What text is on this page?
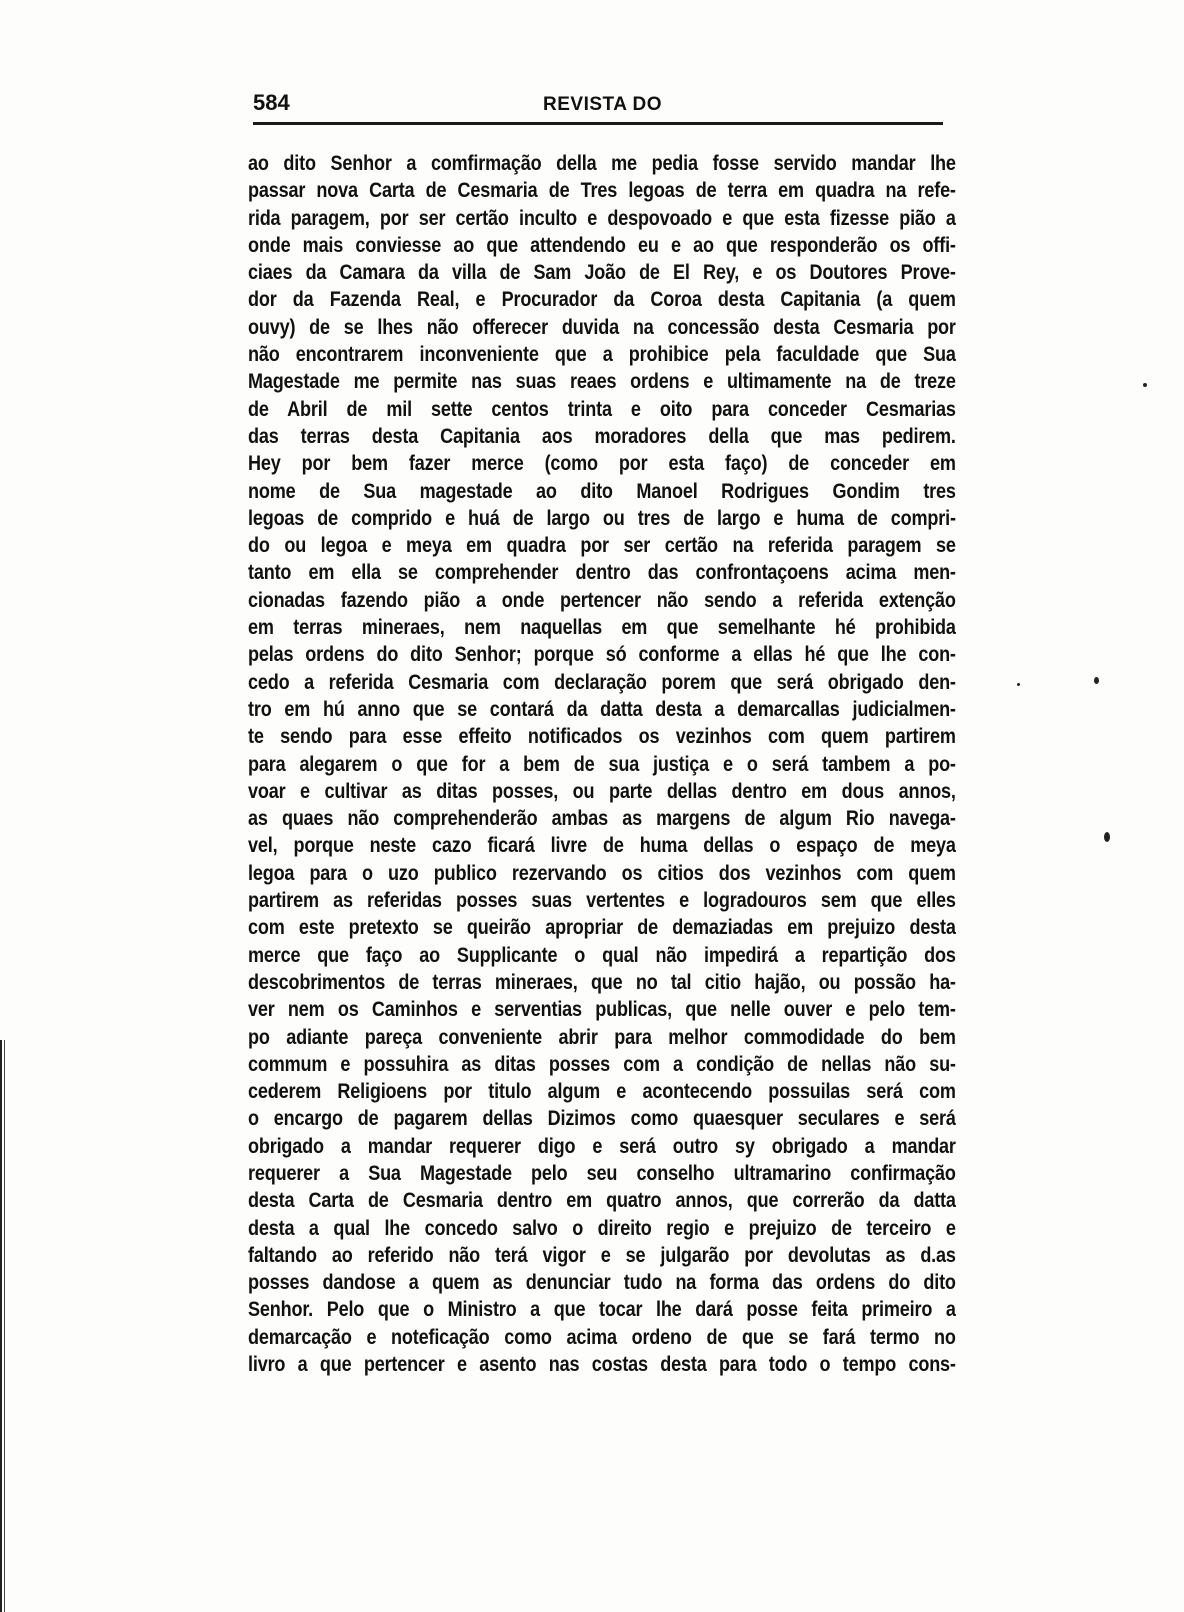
584	REVISTA DO
ao dito Senhor a comfirmação della me pedia fosse servido mandar lhe
passar nova Carta de Cesmaria de Tres legoas de terra em quadra na refe-
rida paragem, por ser certão inculto e despovoado e que esta fizesse pião a
onde mais conviesse ao que attendendo eu e ao que responderão os offi-
ciaes da Camara da villa de Sam João de El Rey, e os Doutores Prove-
dor da Fazenda Real, e Procurador da Coroa desta Capitania (a quem
ouvy) de se lhes não offerecer duvida na concessão desta Cesmaria por
não encontrarem inconveniente que a prohibice pela faculdade que Sua
Magestade me permite nas suas reaes ordens e ultimamente na de treze
de Abril de mil sette centos trinta e oito para conceder Cesmarias
das terras desta Capitania aos moradores della que mas pedirem.
Hey por bem fazer merce (como por esta faço) de conceder em
nome de Sua magestade ao dito Manoel Rodrigues Gondim tres
legoas de comprido e huá de largo ou tres de largo e huma de compri-
do ou legoa e meya em quadra por ser certão na referida paragem se
tanto em ella se comprehender dentro das confrontaçoens acima men-
cionadas fazendo pião a onde pertencer não sendo a referida extenção
em terras mineraes, nem naquellas em que semelhante hé prohibida
pelas ordens do dito Senhor; porque só conforme a ellas hé que lhe con-
cedo a referida Cesmaria com declaração porem que será obrigado den-
tro em hú anno que se contará da datta desta a demarcallas judicialmen-
te sendo para esse effeito notificados os vezinhos com quem partirem
para alegarem o que for a bem de sua justiça e o será tambem a po-
voar e cultivar as ditas posses, ou parte dellas dentro em dous annos,
as quaes não comprehenderão ambas as margens de algum Rio navega-
vel, porque neste cazo ficará livre de huma dellas o espaço de meya
legoa para o uzo publico rezervando os citios dos vezinhos com quem
partirem as referidas posses suas vertentes e logradouros sem que elles
com este pretexto se queirão apropriar de demaziadas em prejuizo desta
merce que faço ao Supplicante o qual não impedirá a repartição dos
descobrimentos de terras mineraes, que no tal citio hajão, ou possão ha-
ver nem os Caminhos e serventias publicas, que nelle ouver e pelo tem-
po adiante pareça conveniente abrir para melhor commodidade do bem
commum e possuhira as ditas posses com a condição de nellas não su-
cederem Religioens por titulo algum e acontecendo possuilas será com
o encargo de pagarem dellas Dizimos como quaesquer seculares e será
obrigado a mandar requerer digo e será outro sy obrigado a mandar
requerer a Sua Magestade pelo seu conselho ultramarino confirmação
desta Carta de Cesmaria dentro em quatro annos, que correrão da datta
desta a qual lhe concedo salvo o direito regio e prejuizo de terceiro e
faltando ao referido não terá vigor e se julgarão por devolutas as d.as
posses dandose a quem as denunciar tudo na forma das ordens do dito
Senhor. Pelo que o Ministro a que tocar lhe dará posse feita primeiro a
demarcação e noteficação como acima ordeno de que se fará termo no
livro a que pertencer e asento nas costas desta para todo o tempo cons-
